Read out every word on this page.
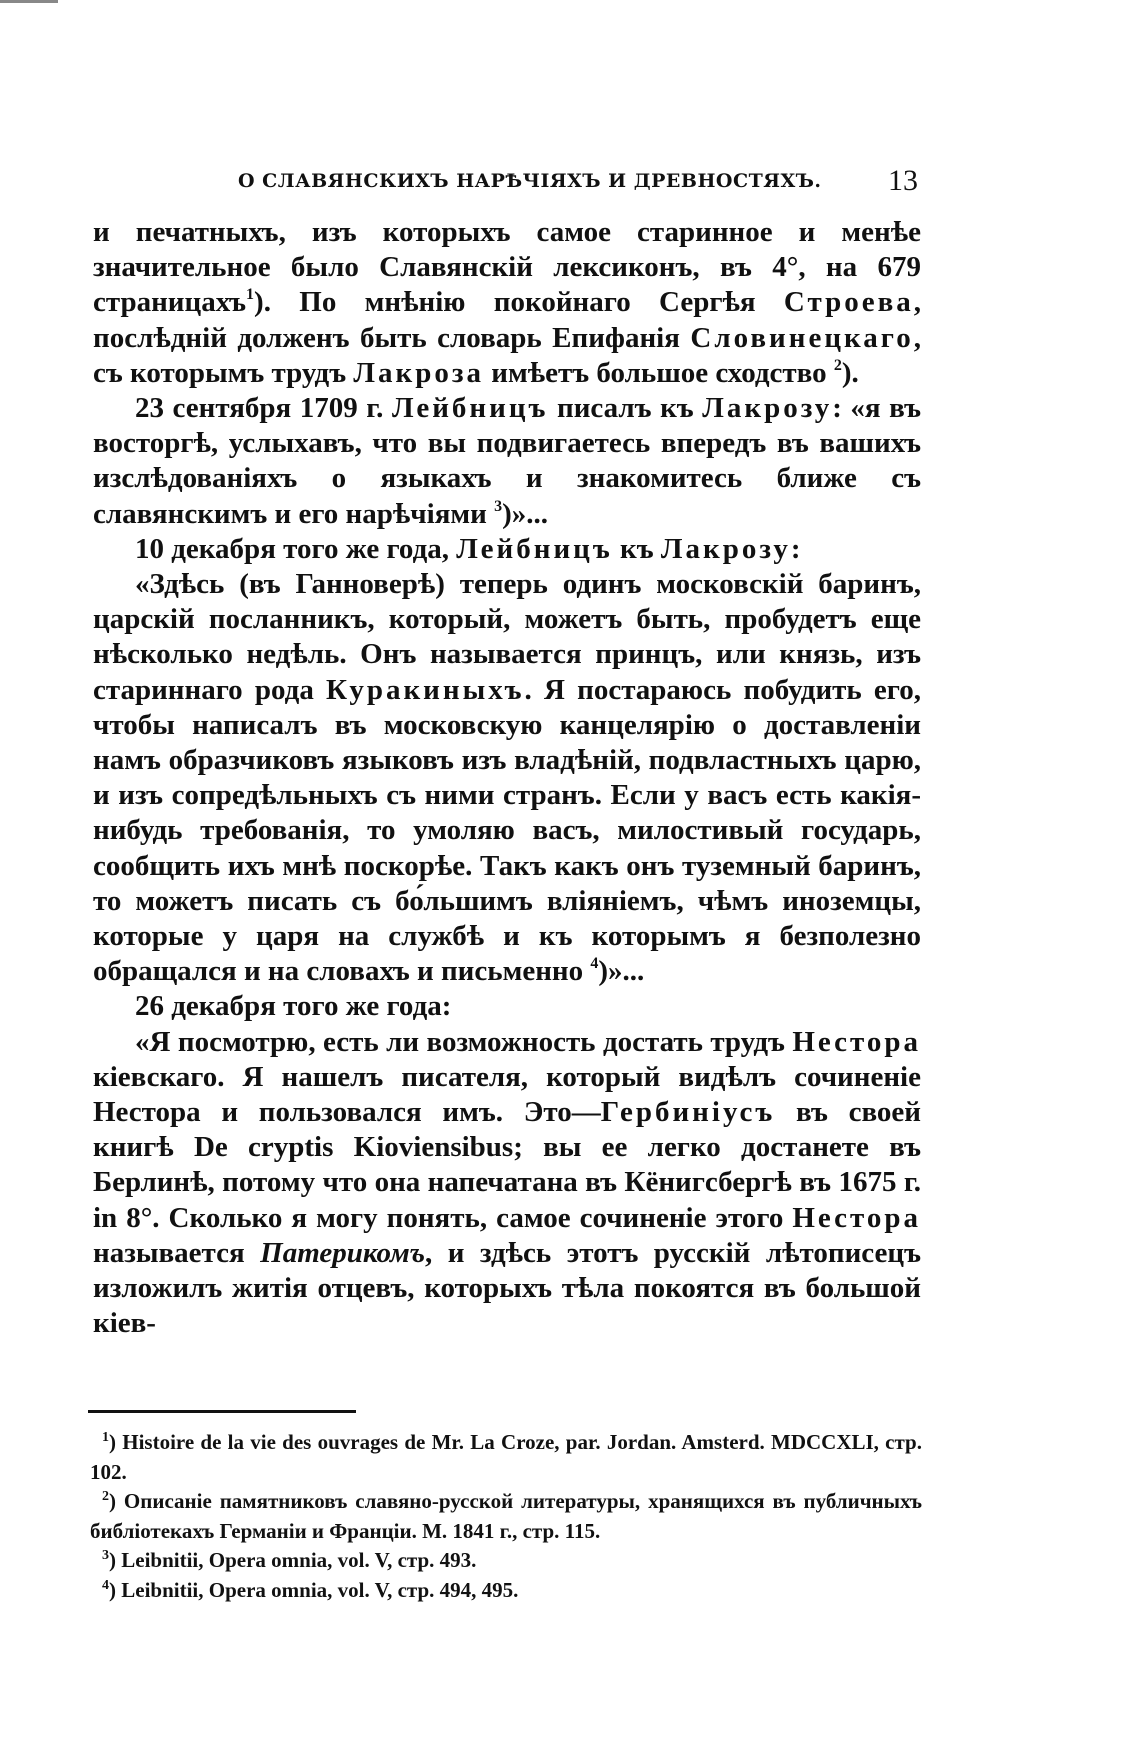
О СЛАВЯНСКИХЪ НАРѢЧІЯХЪ И ДРЕВНОСТЯХЪ. 13

и печатныхъ, изъ которыхъ самое старинное и менѣе значительное было Славянскій лексиконъ, въ 4°, на 679 страницахъ$^1$). По мнѣнію покойнаго Сергѣя Строева, послѣдній долженъ быть словарь Епифанія Словинецкаго, съ которымъ трудъ Лакроза имѣетъ большое сходство $^2$).

23 сентября 1709 г. Лейбницъ писалъ къ Лакрозу: «я въ восторгѣ, услыхавъ, что вы подвигаетесь впередъ въ вашихъ изслѣдованіяхъ о языкахъ и знакомитесь ближе съ славянскимъ и его нарѣчіями $^3$)»...

10 декабря того же года, Лейбницъ къ Лакрозу:

«Здѣсь (въ Ганноверѣ) теперь одинъ московскій баринъ, царскій посланникъ, который, можетъ быть, пробудетъ еще нѣсколько недѣль. Онъ называется принцъ, или князь, изъ стариннаго рода Куракиныхъ. Я постараюсь побудить его, чтобы написалъ въ московскую канцелярію о доставленіи намъ образчиковъ языковъ изъ владѣній, подвластныхъ царю, и изъ сопредѣльныхъ съ ними странъ. Если у васъ есть какія-нибудь требованія, то умоляю васъ, милостивый государь, сообщить ихъ мнѣ поскорѣе. Такъ какъ онъ туземный баринъ, то можетъ писать съ бо́льшимъ вліяніемъ, чѣмъ иноземцы, которые у царя на службѣ и къ которымъ я безполезно обращался и на словахъ и письменно $^4$)»...

26 декабря того же года:

«Я посмотрю, есть ли возможность достать трудъ Нестора кіевскаго. Я нашелъ писателя, который видѣлъ сочиненіе Нестора и пользовался имъ. Это—Гербиніусъ въ своей книгѣ De cryptis Kioviensibus; вы ее легко достанете въ Берлинѣ, потому что она напечатана въ Кёнигсбергѣ въ 1675 г. in 8°. Сколько я могу понять, самое сочиненіе этого Нестора называется Патерикомъ, и здѣсь этотъ русскій лѣтописецъ изложилъ житія отцевъ, которыхъ тѣла покоятся въ большой кіев-

$^1$) Histoire de la vie des ouvrages de Mr. La Croze, par. Jordan. Amsterd. MDCCXLI, стр. 102.

$^2$) Описаніе памятниковъ славяно-русской литературы, хранящихся въ публичныхъ библіотекахъ Германіи и Франціи. М. 1841 г., стр. 115.

$^3$) Leibnitii, Opera omnia, vol. V, стр. 493.

$^4$) Leibnitii, Opera omnia, vol. V, стр. 494, 495.
